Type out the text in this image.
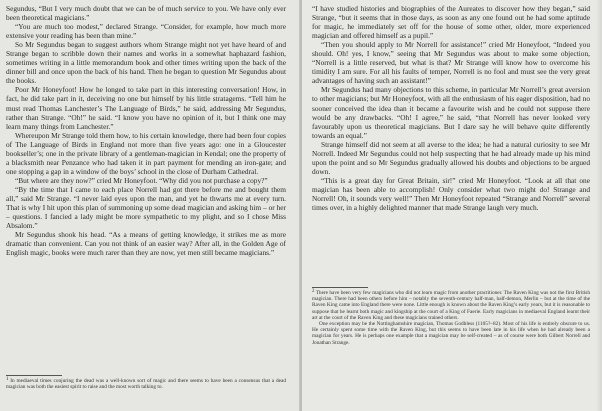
Segundus, “But I very much doubt that we can be of much service to you. We have only ever been theoretical magicians.”

“You are much too modest,” declared Strange. “Consider, for example, how much more extensive your reading has been than mine.”

So Mr Segundus began to suggest authors whom Strange might not yet have heard of and Strange began to scribble down their names and works in a somewhat haphazard fashion, sometimes writing in a little memorandum book and other times writing upon the back of the dinner bill and once upon the back of his hand. Then he began to question Mr Segundus about the books.

Poor Mr Honeyfoot! How he longed to take part in this interesting conversation! How, in fact, he did take part in it, deceiving no one but himself by his little stratagems. “Tell him he must read Thomas Lanchester’s The Language of Birds,” he said, addressing Mr Segundus, rather than Strange. “Oh!” he said. “I know you have no opinion of it, but I think one may learn many things from Lanchester.”

Whereupon Mr Strange told them how, to his certain knowledge, there had been four copies of The Language of Birds in England not more than five years ago: one in a Gloucester bookseller’s; one in the private library of a gentleman-magician in Kendal; one the property of a blacksmith near Penzance who had taken it in part payment for mending an iron-gate; and one stopping a gap in a window of the boys’ school in the close of Durham Cathedral.

“But where are they now?” cried Mr Honeyfoot. “Why did you not purchase a copy?”

“By the time that I came to each place Norrell had got there before me and bought them all,” said Mr Strange. “I never laid eyes upon the man, and yet he thwarts me at every turn. That is why I hit upon this plan of summoning up some dead magician and asking him – or her – questions. I fancied a lady might be more sympathetic to my plight, and so I chose Miss Absalom.”

Mr Segundus shook his head. “As a means of getting knowledge, it strikes me as more dramatic than convenient. Can you not think of an easier way? After all, in the Golden Age of English magic, books were much rarer than they are now, yet men still became magicians.”

1 In mediaeval times conjuring the dead was a well-known sort of magic and there seems to have been a consensus that a dead magician was both the easiest spirit to raise and the most worth talking to.

“I have studied histories and biographies of the Aureates to discover how they began,” said Strange, “but it seems that in those days, as soon as any one found out he had some aptitude for magic, he immediately set off for the house of some other, older, more experienced magician and offered himself as a pupil.”

“Then you should apply to Mr Norrell for assistance!” cried Mr Honeyfoot, “Indeed you should. Oh! yes, I know,” seeing that Mr Segundus was about to make some objection, “Norrell is a little reserved, but what is that? Mr Strange will know how to overcome his timidity I am sure. For all his faults of temper, Norrell is no fool and must see the very great advantages of having such an assistant!”

Mr Segundus had many objections to this scheme, in particular Mr Norrell’s great aversion to other magicians; but Mr Honeyfoot, with all the enthusiasm of his eager disposition, had no sooner conceived the idea than it became a favourite wish and he could not suppose there would be any drawbacks. “Oh! I agree,” he said, “that Norrell has never looked very favourably upon us theoretical magicians. But I dare say he will behave quite differently towards an equal.”

Strange himself did not seem at all averse to the idea; he had a natural curiosity to see Mr Norrell. Indeed Mr Segundus could not help suspecting that he had already made up his mind upon the point and so Mr Segundus gradually allowed his doubts and objections to be argued down.

“This is a great day for Great Britain, sir!” cried Mr Honeyfoot. “Look at all that one magician has been able to accomplish! Only consider what two might do! Strange and Norrell! Oh, it sounds very well!” Then Mr Honeyfoot repeated “Strange and Norrell” several times over, in a highly delighted manner that made Strange laugh very much.

2 There have been very few magicians who did not learn magic from another practitioner. The Raven King was not the first British magician. There had been others before him – notably the seventh-century half-man, half-demon, Merlin – but at the time of the Raven King came into England there were none. Little enough is known about the Raven King’s early years, but it is reasonable to suppose that he learnt both magic and kingship at the court of a King of Faerie. Early magicians in mediaeval England learnt their art at the court of the Raven King and these magicians trained others.

One exception may be the Nottinghamshire magician, Thomas Godbless (1105?–82). Most of his life is entirely obscure to us. He certainly spent some time with the Raven King, but this seems to have been late in his life when he had already been a magician for years. He is perhaps one example that a magician may be self-created – as of course were both Gilbert Norrell and Jonathan Strange.
